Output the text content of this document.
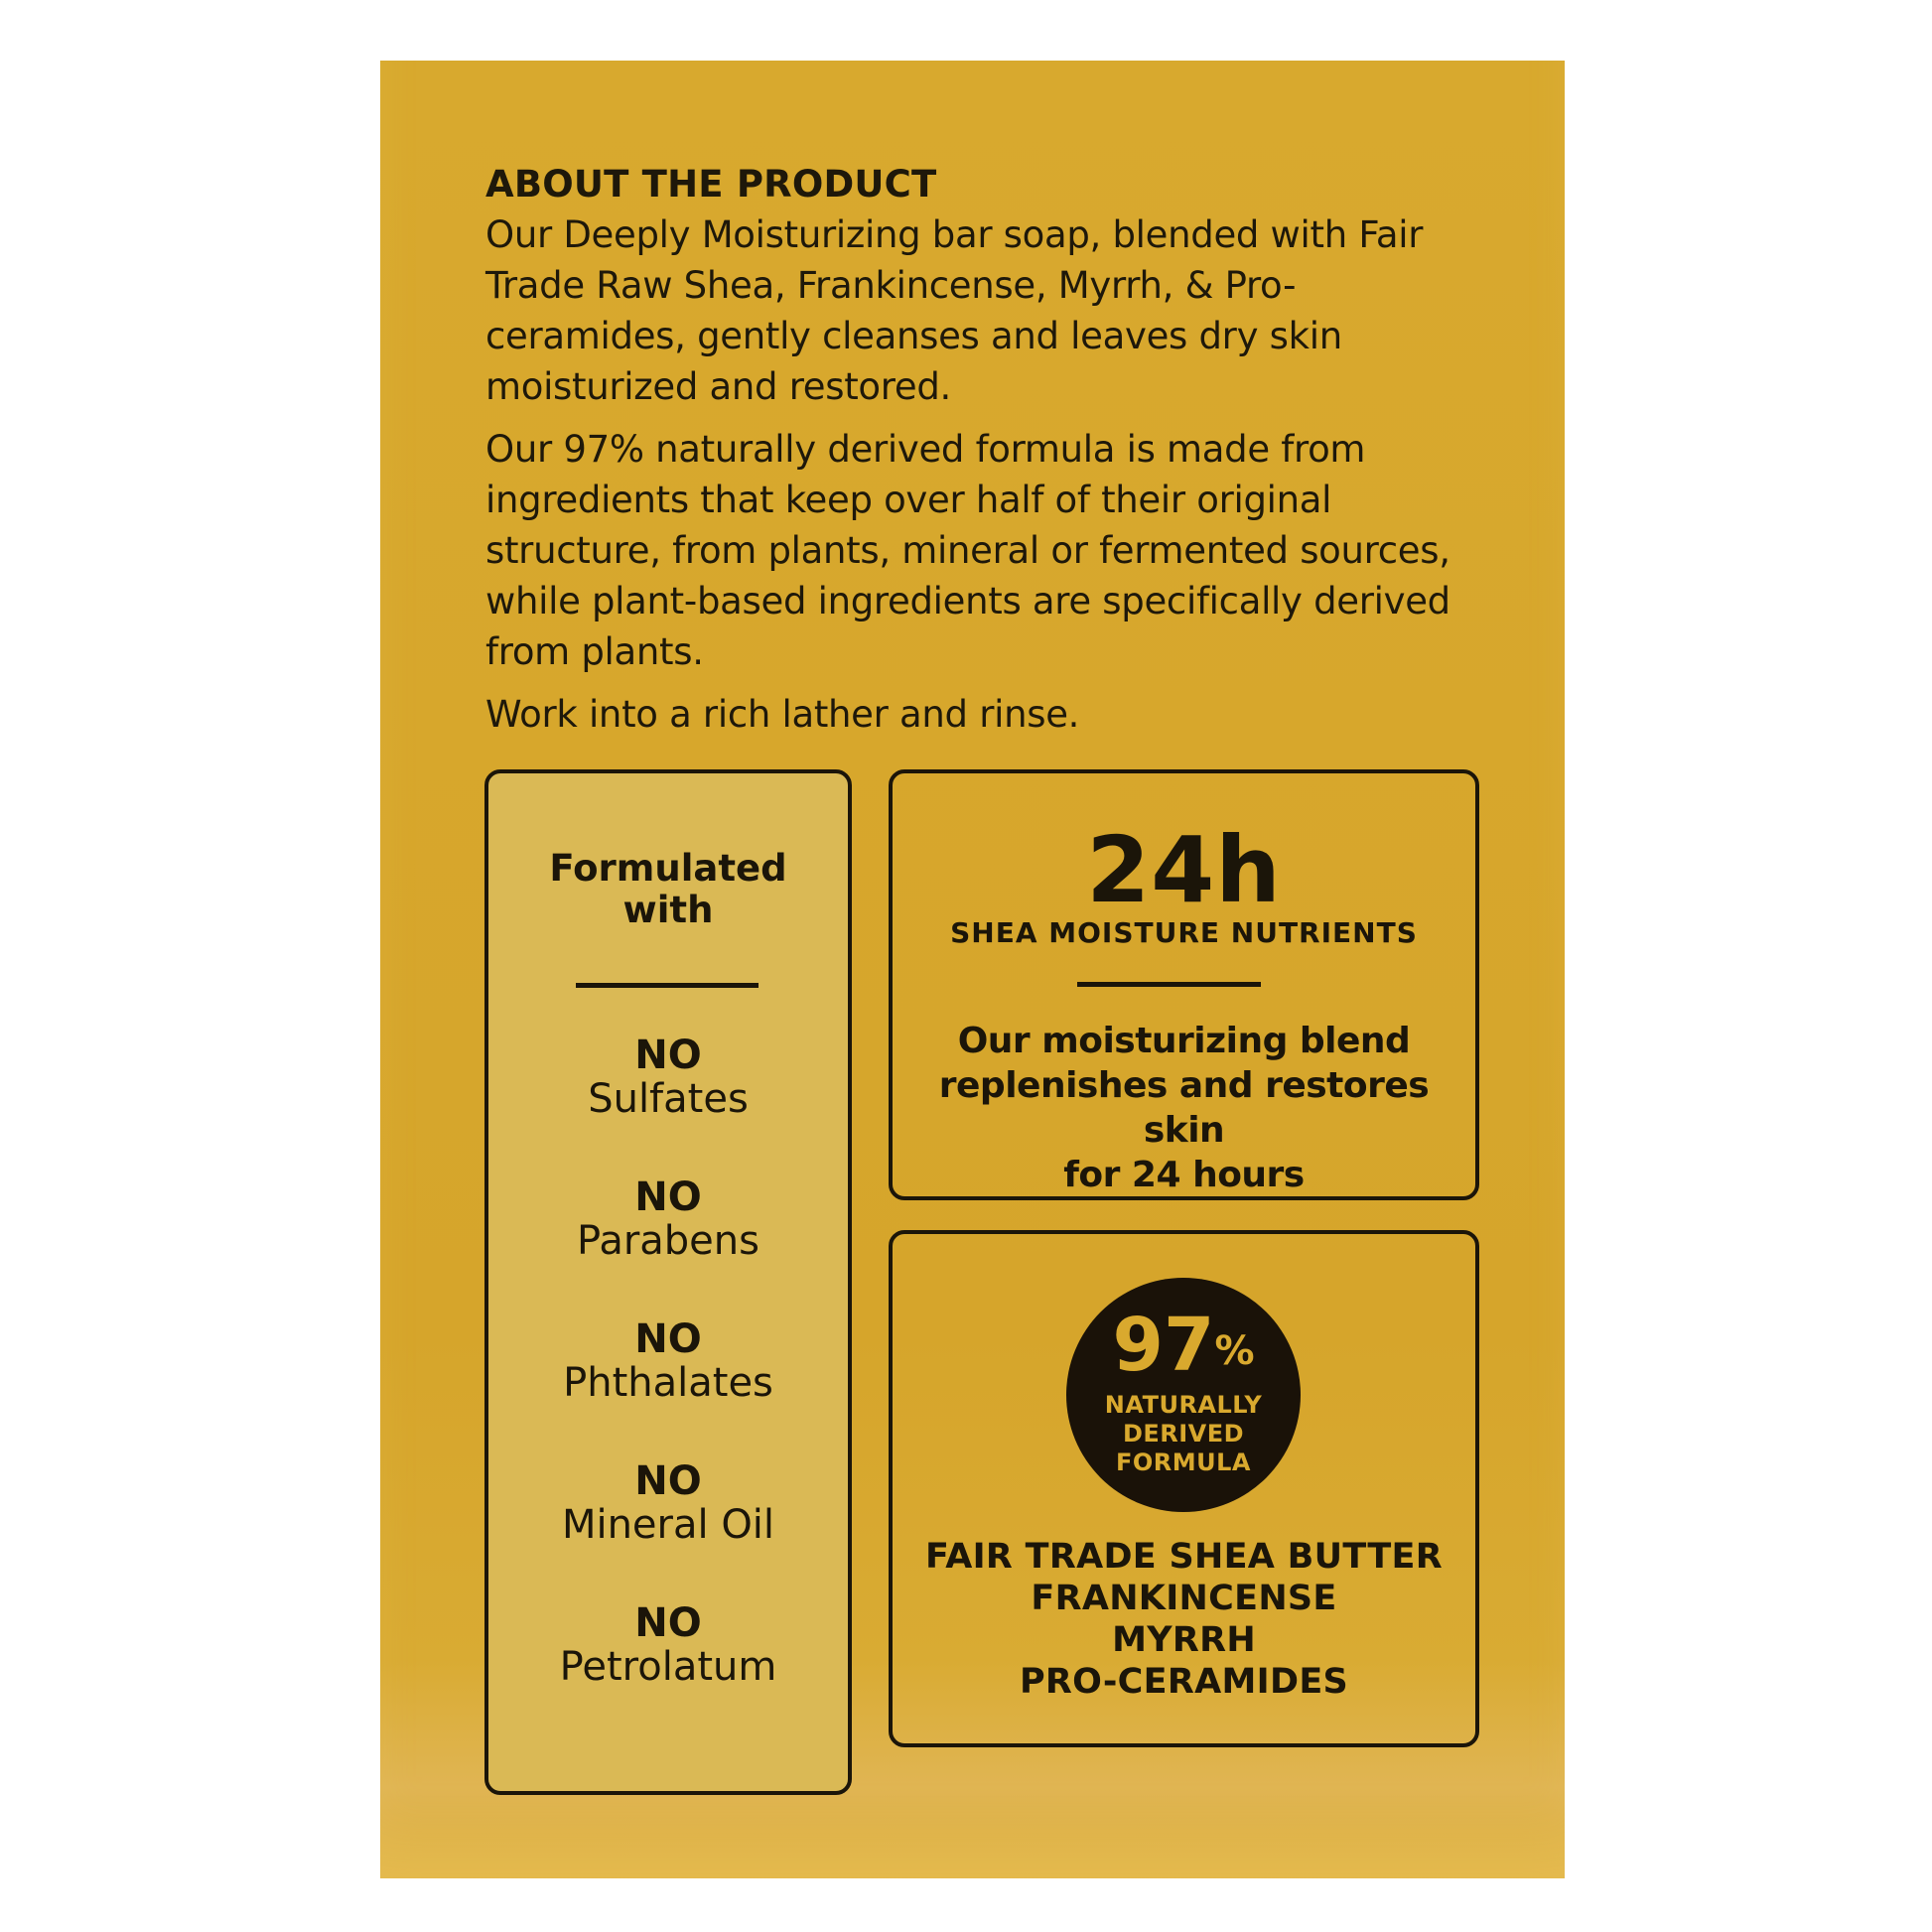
ABOUT THE PRODUCT

Our Deeply Moisturizing bar soap, blended with Fair Trade Raw Shea, Frankincense, Myrrh, & Pro-ceramides, gently cleanses and leaves dry skin moisturized and restored.

Our 97% naturally derived formula is made from ingredients that keep over half of their original structure, from plants, mineral or fermented sources, while plant-based ingredients are specifically derived from plants.

Work into a rich lather and rinse.

Formulated
with
NO
Sulfates
NO
Parabens
NO
Phthalates
NO
Mineral Oil
NO
Petrolatum
24h
SHEA MOISTURE NUTRIENTS
Our moisturizing blend
replenishes and restores skin
for 24 hours
97%
NATURALLY
DERIVED
FORMULA
FAIR TRADE SHEA BUTTER
FRANKINCENSE
MYRRH
PRO-CERAMIDES
